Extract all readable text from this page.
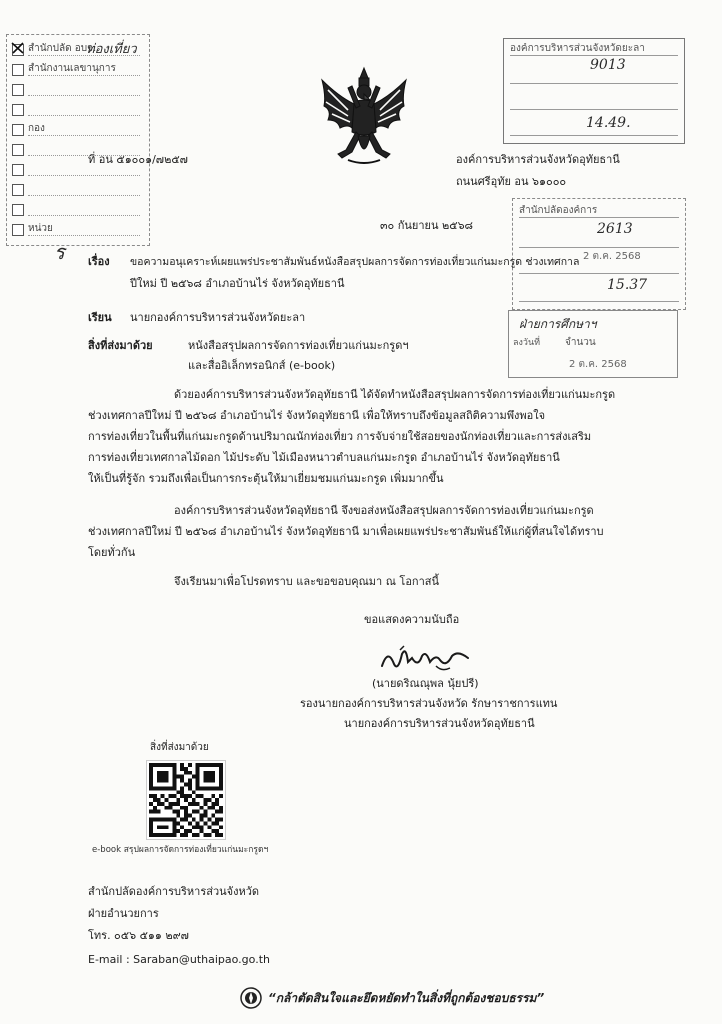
ท่องเที่ยว
ร
องค์การบริหารส่วนจังหวัดยะลา
9013
14.49.
สำนักปลัดองค์การ
2613
2 ต.ค. 2568
15.37
ฝ่ายการศึกษาฯ
ลงวันที่ จำนวน
2 ต.ค. 2568
ที่ อน ๕๑๐๐๑/๗๒๕๗	องค์การบริหารส่วนจังหวัดอุทัยธานี
ถนนศรีอุทัย อน ๖๑๐๐๐
๓๐ กันยายน ๒๕๖๘
เรื่อง ขอความอนุเคราะห์เผยแพร่ประชาสัมพันธ์หนังสือสรุปผลการจัดการท่องเที่ยวแก่นมะกรูด ช่วงเทศกาล
ปีใหม่ ปี ๒๕๖๘ อำเภอบ้านไร่ จังหวัดอุทัยธานี
เรียน นายกองค์การบริหารส่วนจังหวัดยะลา
สิ่งที่ส่งมาด้วย	หนังสือสรุปผลการจัดการท่องเที่ยวแก่นมะกรูดฯ
และสื่ออิเล็กทรอนิกส์ (e-book)
ด้วยองค์การบริหารส่วนจังหวัดอุทัยธานี ได้จัดทำหนังสือสรุปผลการจัดการท่องเที่ยวแก่นมะกรูด
ช่วงเทศกาลปีใหม่ ปี ๒๕๖๘ อำเภอบ้านไร่ จังหวัดอุทัยธานี เพื่อให้ทราบถึงข้อมูลสถิติความพึงพอใจ
การท่องเที่ยวในพื้นที่แก่นมะกรูดด้านปริมาณนักท่องเที่ยว การจับจ่ายใช้สอยของนักท่องเที่ยวและการส่งเสริม
การท่องเที่ยวเทศกาลไม้ดอก ไม้ประดับ ไม้เมืองหนาวตำบลแก่นมะกรูด อำเภอบ้านไร่ จังหวัดอุทัยธานี
ให้เป็นที่รู้จัก รวมถึงเพื่อเป็นการกระตุ้นให้มาเยี่ยมชมแก่นมะกรูด เพิ่มมากขึ้น
องค์การบริหารส่วนจังหวัดอุทัยธานี จึงขอส่งหนังสือสรุปผลการจัดการท่องเที่ยวแก่นมะกรูด
ช่วงเทศกาลปีใหม่ ปี ๒๕๖๘ อำเภอบ้านไร่ จังหวัดอุทัยธานี มาเพื่อเผยแพร่ประชาสัมพันธ์ให้แก่ผู้ที่สนใจได้ทราบ
โดยทั่วกัน
จึงเรียนมาเพื่อโปรดทราบ และขอขอบคุณมา ณ โอกาสนี้
ขอแสดงความนับถือ
(นายดริณณุพล นุ้ยปรี)
รองนายกองค์การบริหารส่วนจังหวัด รักษาราชการแทน
นายกองค์การบริหารส่วนจังหวัดอุทัยธานี
สิ่งที่ส่งมาด้วย
e-book สรุปผลการจัดการท่องเที่ยวแก่นมะกรูดฯ
สำนักปลัดองค์การบริหารส่วนจังหวัด
ฝ่ายอำนวยการ
โทร. ๐๕๖ ๕๑๑ ๒๙๗
E-mail : Saraban@uthaipao.go.th
“กล้าตัดสินใจและยึดหยัดทำในสิ่งที่ถูกต้องชอบธรรม”
สำนักปลัด อบจ.
สำนักงานเลขานุการ
กอง
หน่วย
